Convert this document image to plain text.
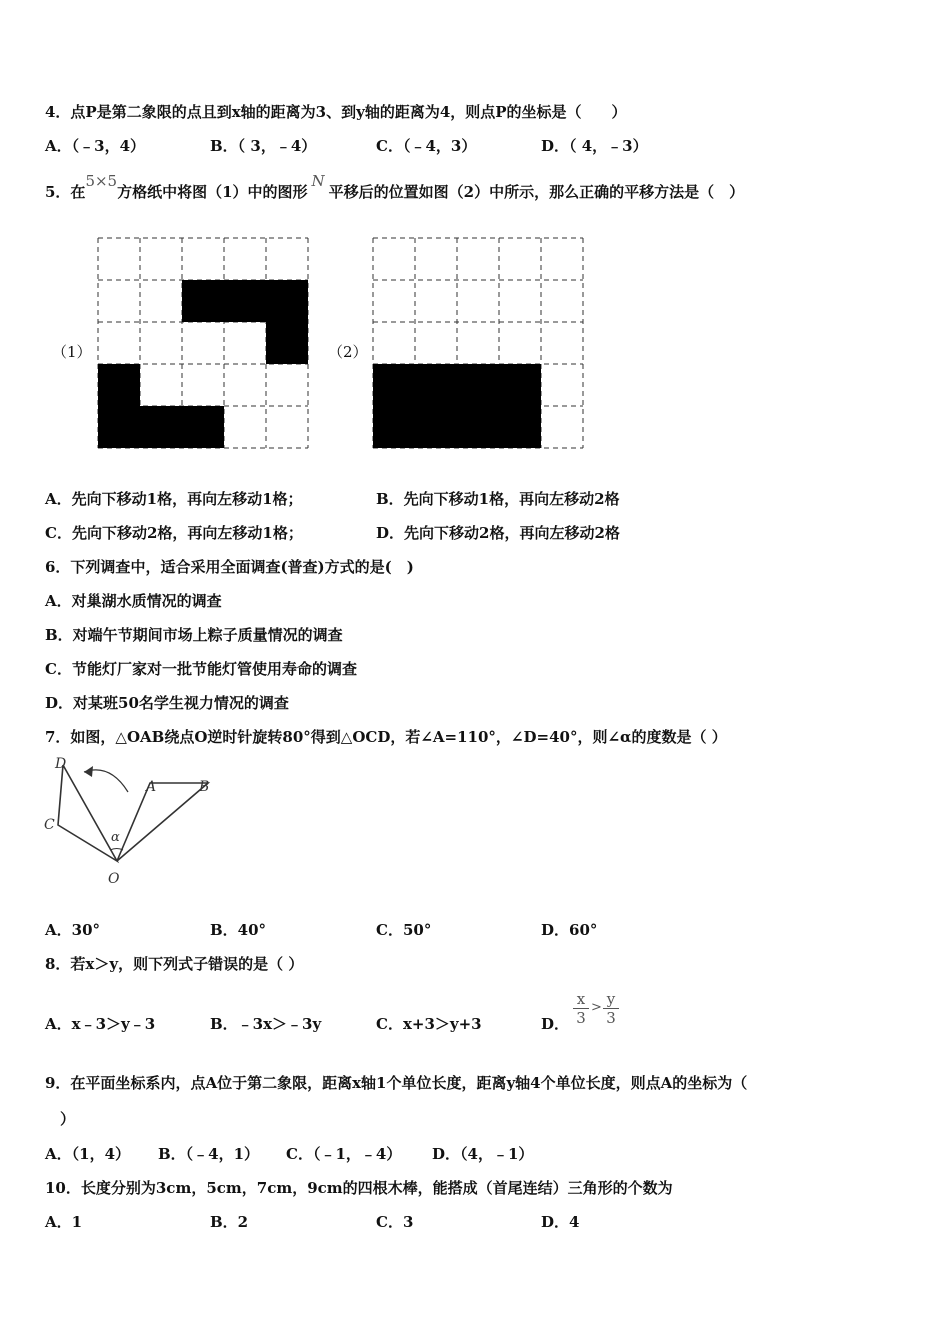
4．点P是第二象限的点且到x轴的距离为3、到y轴的距离为4，则点P的坐标是（　　）
A．（﹣3，4）	B．（ 3，﹣4）	C．（﹣4，3）	D．（ 4，﹣3）
5．在5×5方格纸中将图（1）中的图形N平移后的位置如图（2）中所示，那么正确的平移方法是（　）
（1）	（2）
A．先向下移动1格，再向左移动1格；	B．先向下移动1格，再向左移动2格
C．先向下移动2格，再向左移动1格；	D．先向下移动2格，再向左移动2格
6．下列调查中，适合采用全面调查(普查)方式的是(　)
A．对巢湖水质情况的调查
B．对端午节期间市场上粽子质量情况的调查
C．节能灯厂家对一批节能灯管使用寿命的调查
D．对某班50名学生视力情况的调查
7．如图，△OAB绕点O逆时针旋转80°得到△OCD，若∠A=110°，∠D=40°，则∠α的度数是（ ）
D
A	B
C
α
O
A．30°	B．40°	C．50°	D．60°
8．若x＞y，则下列式子错误的是（ ）
A．x﹣3＞y﹣3	B．﹣3x＞﹣3y	C．x+3＞y+3	D．
x
3
> y
3
9．在平面坐标系内，点A位于第二象限，距离x轴1个单位长度，距离y轴4个单位长度，则点A的坐标为（
）
A．（1，4） B．（﹣4，1） C．（﹣1，﹣4） D．（4，﹣1）
10．长度分别为3cm，5cm，7cm，9cm的四根木棒，能搭成（首尾连结）三角形的个数为
A．1	B．2	C．3	D．4
